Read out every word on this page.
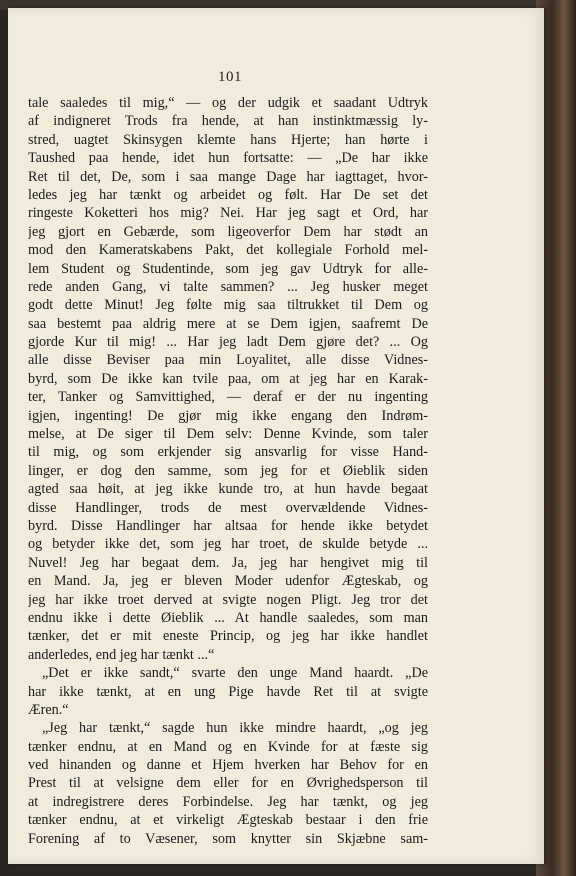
101
tale saaledes til mig,“ — og der udgik et saadant Udtryk
af indigneret Trods fra hende, at han instinktmæssig ly-
stred, uagtet Skinsygen klemte hans Hjerte; han hørte i
Taushed paa hende, idet hun fortsatte: — „De har ikke
Ret til det, De, som i saa mange Dage har iagttaget, hvor-
ledes jeg har tænkt og arbeidet og følt. Har De set det
ringeste Koketteri hos mig? Nei. Har jeg sagt et Ord, har
jeg gjort en Gebærde, som ligeoverfor Dem har stødt an
mod den Kameratskabens Pakt, det kollegiale Forhold mel-
lem Student og Studentinde, som jeg gav Udtryk for alle-
rede anden Gang, vi talte sammen? ... Jeg husker meget
godt dette Minut! Jeg følte mig saa tiltrukket til Dem og
saa bestemt paa aldrig mere at se Dem igjen, saafremt De
gjorde Kur til mig! ... Har jeg ladt Dem gjøre det? ... Og
alle disse Beviser paa min Loyalitet, alle disse Vidnes-
byrd, som De ikke kan tvile paa, om at jeg har en Karak-
ter, Tanker og Samvittighed, — deraf er der nu ingenting
igjen, ingenting! De gjør mig ikke engang den Indrøm-
melse, at De siger til Dem selv: Denne Kvinde, som taler
til mig, og som erkjender sig ansvarlig for visse Hand-
linger, er dog den samme, som jeg for et Øieblik siden
agted saa høit, at jeg ikke kunde tro, at hun havde begaat
disse Handlinger, trods de mest overvældende Vidnes-
byrd. Disse Handlinger har altsaa for hende ikke betydet
og betyder ikke det, som jeg har troet, de skulde betyde ...
Nuvel! Jeg har begaat dem. Ja, jeg har hengivet mig til
en Mand. Ja, jeg er bleven Moder udenfor Ægteskab, og
jeg har ikke troet derved at svigte nogen Pligt. Jeg tror det
endnu ikke i dette Øieblik ... At handle saaledes, som man
tænker, det er mit eneste Princip, og jeg har ikke handlet
anderledes, end jeg har tænkt ...“
„Det er ikke sandt,“ svarte den unge Mand haardt. „De
har ikke tænkt, at en ung Pige havde Ret til at svigte
Æren.“
„Jeg har tænkt,“ sagde hun ikke mindre haardt, „og jeg
tænker endnu, at en Mand og en Kvinde for at fæste sig
ved hinanden og danne et Hjem hverken har Behov for en
Prest til at velsigne dem eller for en Øvrighedsperson til
at indregistrere deres Forbindelse. Jeg har tænkt, og jeg
tænker endnu, at et virkeligt Ægteskab bestaar i den frie
Forening af to Væsener, som knytter sin Skjæbne sam-
